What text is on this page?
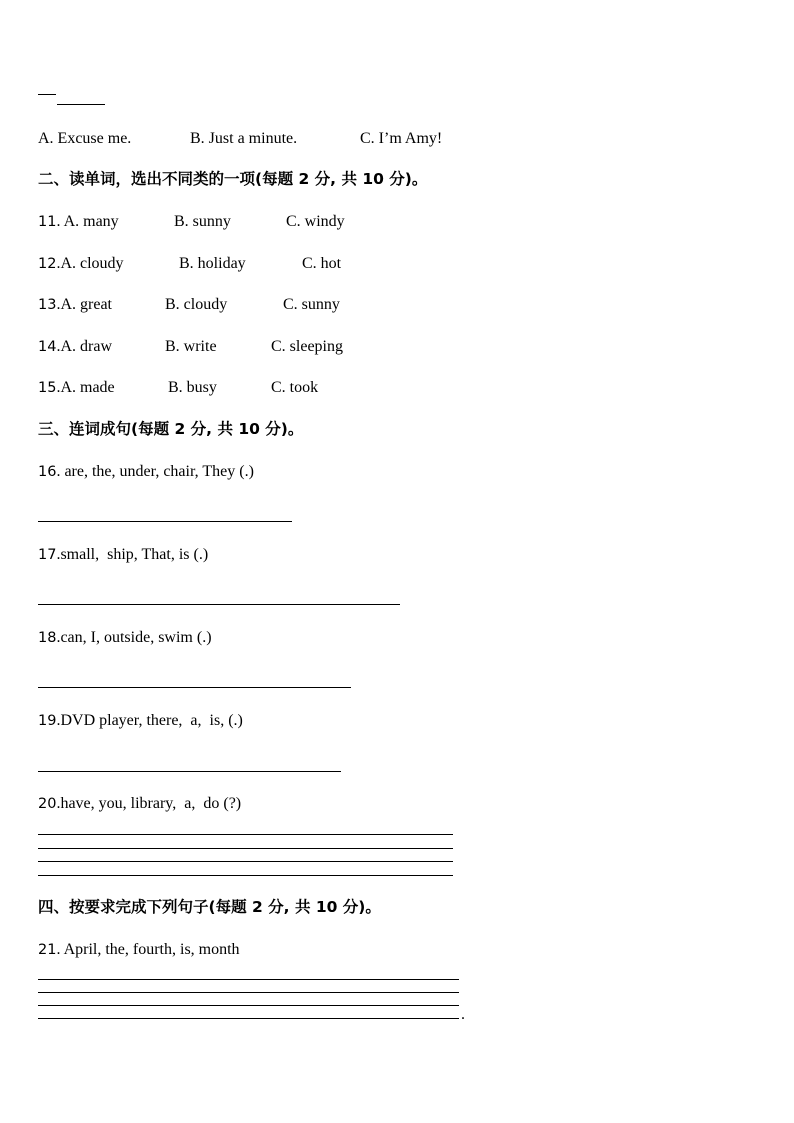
A. Excuse me.

	B. Just a minute.

	C. I’m Amy!

二、读单词，选出不同类的一项(每题 2 分, 共 10 分)。

11. A. many

	B. sunny

	C. windy

12.A. cloudy

	B. holiday

	C. hot

13.A. great

	B. cloudy

	C. sunny

14.A. draw

	B. write

	C. sleeping

15.A. made

	B. busy

	C. took

三、连词成句(每题 2 分, 共 10 分)。
16. are, the, under, chair, They (.)
17.small,  ship, That, is (.)
18.can, I, outside, swim (.)
19.DVD player, there,  a,  is, (.)
20.have, you, library,  a,  do (?)
四、按要求完成下列句子(每题 2 分, 共 10 分)。
21. April, the, fourth, is, month
.
